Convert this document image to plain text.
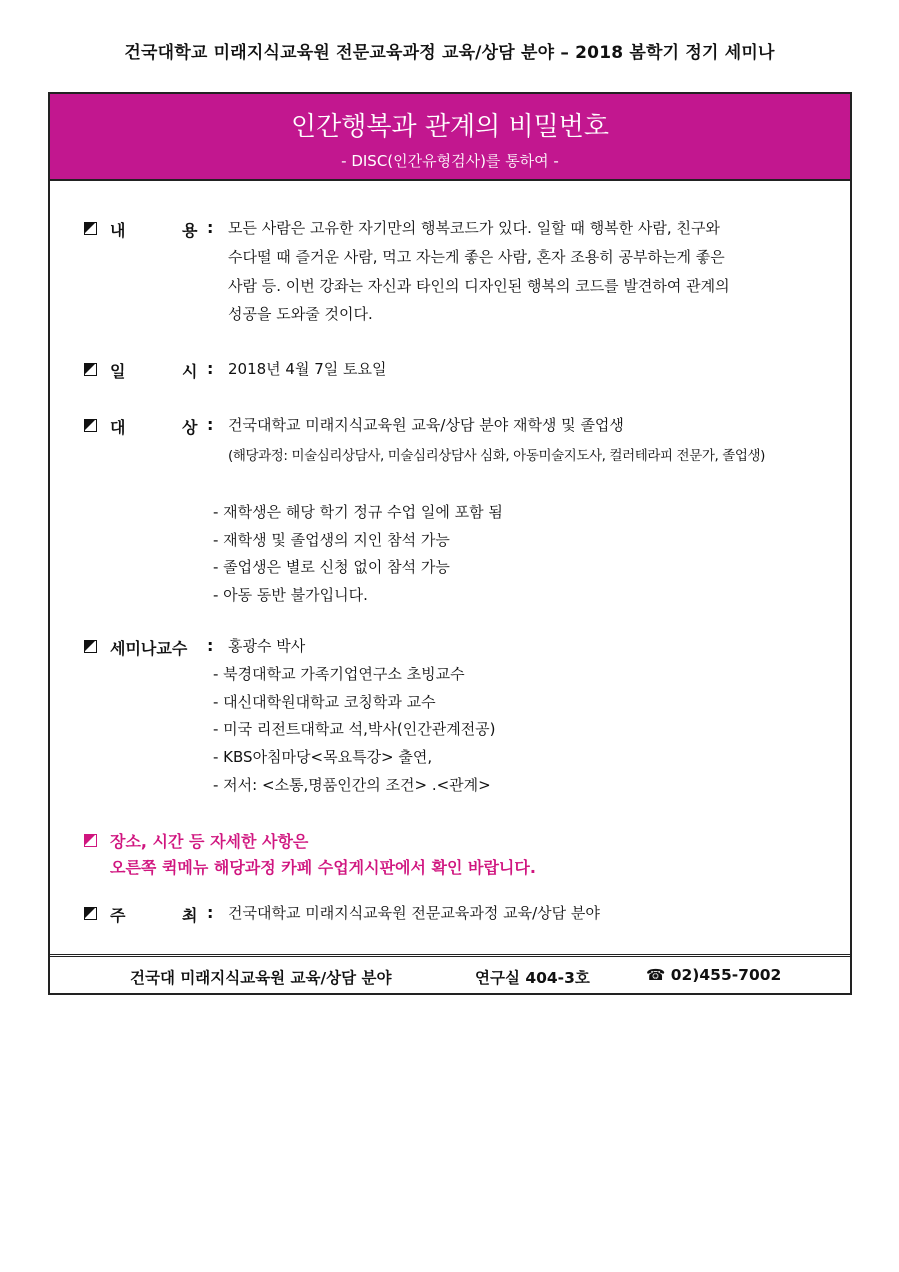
건국대학교 미래지식교육원 전문교육과정 교육/상담 분야 – 2018 봄학기 정기 세미나
인간행복과 관계의 비밀번호
- DISC(인간유형검사)를 통하여 -
건국대 미래지식교육원 교육/상담 분야	연구실 404-3호	☎ 02)455-7002
내	용 : 모든 사람은 고유한 자기만의 행복코드가 있다. 일할 때 행복한 사람, 친구와
수다떨 때 즐거운 사람, 먹고 자는게 좋은 사람, 혼자 조용히 공부하는게 좋은
사람 등. 이번 강좌는 자신과 타인의 디자인된 행복의 코드를 발견하여 관계의
성공을 도와줄 것이다.
일	시 : 2018년 4월 7일 토요일
대	상 : 건국대학교 미래지식교육원 교육/상담 분야 재학생 및 졸업생
(해당과정: 미술심리상담사, 미술심리상담사 심화, 아동미술지도사, 컬러테라피 전문가, 졸업생)
- 재학생은 해당 학기 정규 수업 일에 포함 됨
- 재학생 및 졸업생의 지인 참석 가능
- 졸업생은 별로 신청 없이 참석 가능
- 아동 동반 불가입니다.
세미나교수 : 홍광수 박사
- 북경대학교 가족기업연구소 초빙교수
- 대신대학원대학교 코칭학과 교수
- 미국 리전트대학교 석,박사(인간관계전공)
- KBS아침마당<목요특강> 출연,
- 저서: <소통,명품인간의 조건> .<관계>
장소, 시간 등 자세한 사항은
오른쪽 퀵메뉴 해당과정 카페 수업게시판에서 확인 바랍니다.
주	최 : 건국대학교 미래지식교육원 전문교육과정 교육/상담 분야
